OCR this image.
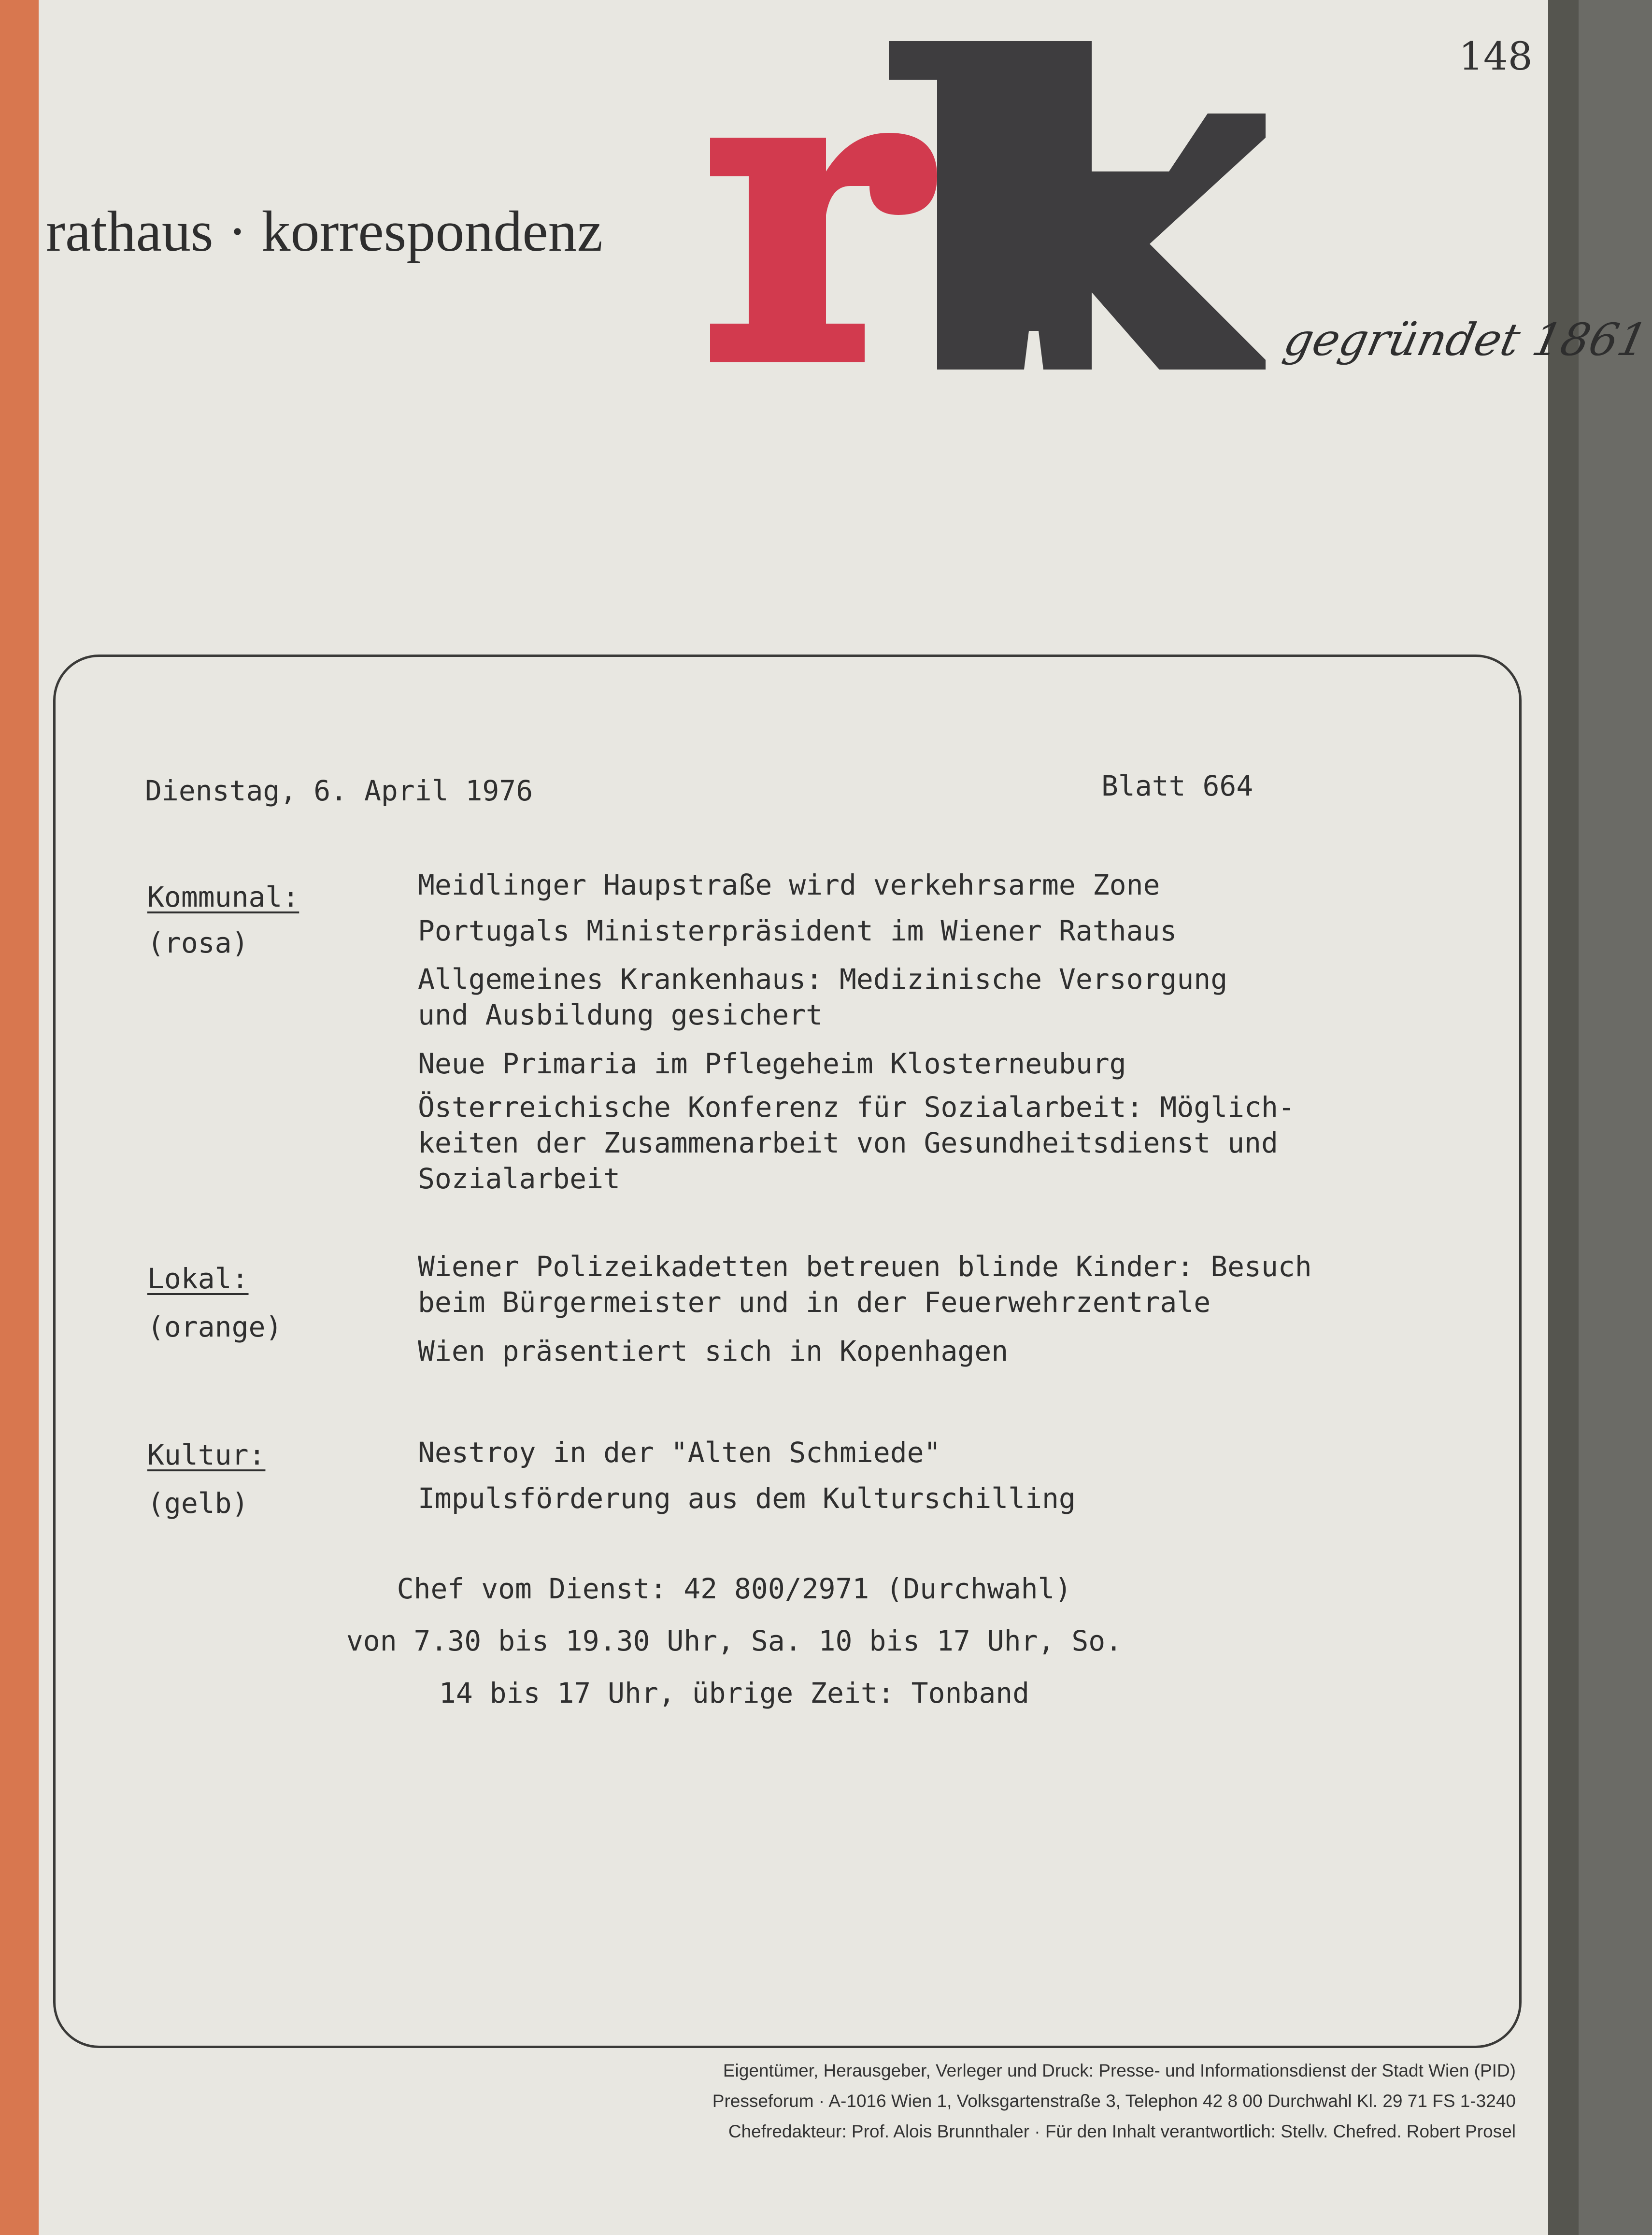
148
rathaus · korrespondenz
gegründet 1861
Dienstag, 6. April 1976	Blatt 664
Kommunal:
(rosa)
Meidlinger Haupstraße wird verkehrsarme Zone
Portugals Ministerpräsident im Wiener Rathaus
Allgemeines Krankenhaus: Medizinische Versorgung
und Ausbildung gesichert
Neue Primaria im Pflegeheim Klosterneuburg
Österreichische Konferenz für Sozialarbeit: Möglich-
keiten der Zusammenarbeit von Gesundheitsdienst und
Sozialarbeit
Lokal:
(orange)
Wiener Polizeikadetten betreuen blinde Kinder: Besuch
beim Bürgermeister und in der Feuerwehrzentrale
Wien präsentiert sich in Kopenhagen
Kultur:
(gelb)
Nestroy in der "Alten Schmiede"
Impulsförderung aus dem Kulturschilling
Chef vom Dienst: 42 800/2971 (Durchwahl)
von 7.30 bis 19.30 Uhr, Sa. 10 bis 17 Uhr, So.
14 bis 17 Uhr, übrige Zeit: Tonband
Eigentümer, Herausgeber, Verleger und Druck: Presse- und Informationsdienst der Stadt Wien (PID)
Presseforum · A-1016 Wien 1, Volksgartenstraße 3, Telephon 42 8 00 Durchwahl Kl. 29 71 FS 1-3240
Chefredakteur: Prof. Alois Brunnthaler · Für den Inhalt verantwortlich: Stellv. Chefred. Robert Prosel
